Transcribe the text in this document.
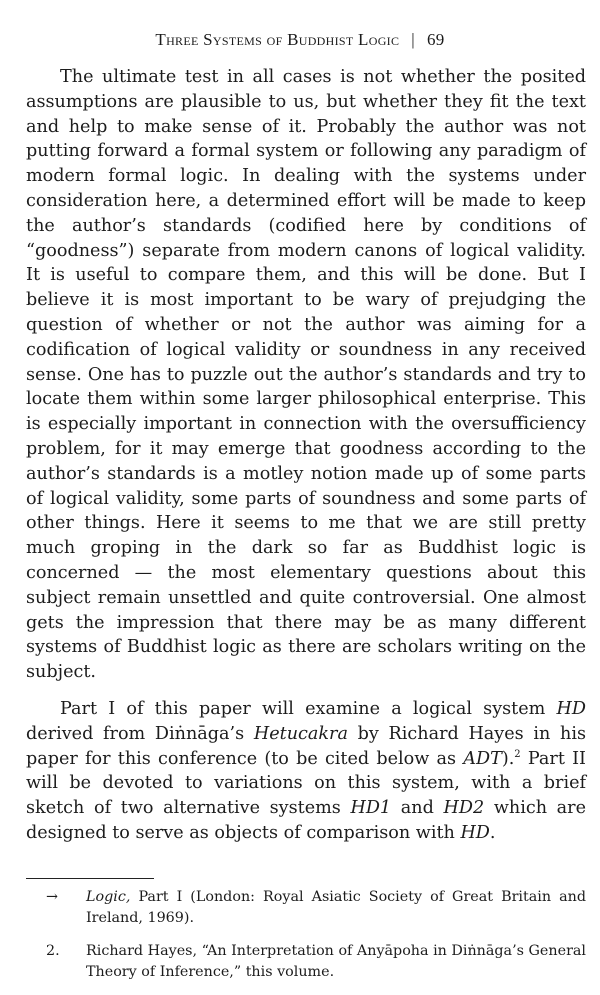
Three Systems of Buddhist Logic | 69

The ultimate test in all cases is not whether the posited assumptions are plausible to us, but whether they fit the text and help to make sense of it. Probably the author was not putting forward a formal system or following any paradigm of modern formal logic. In dealing with the systems under consideration here, a determined effort will be made to keep the author’s standards (codified here by conditions of “goodness”) separate from modern canons of logical validity. It is useful to compare them, and this will be done. But I believe it is most important to be wary of prejudging the question of whether or not the author was aiming for a codification of logical validity or soundness in any received sense. One has to puzzle out the author’s standards and try to locate them within some larger philosophical enterprise. This is especially important in connection with the oversufficiency problem, for it may emerge that goodness according to the author’s standards is a motley notion made up of some parts of logical validity, some parts of soundness and some parts of other things. Here it seems to me that we are still pretty much groping in the dark so far as Buddhist logic is concerned — the most elementary questions about this subject remain unsettled and quite controversial. One almost gets the impression that there may be as many different systems of Buddhist logic as there are scholars writing on the subject.

Part I of this paper will examine a logical system HD derived from Diṅnāga’s Hetucakra by Richard Hayes in his paper for this conference (to be cited below as ADT).$^2$ Part II will be devoted to variations on this system, with a brief sketch of two alternative systems HD1 and HD2 which are designed to serve as objects of comparison with HD.

→	Logic, Part I (London: Royal Asiatic Society of Great Britain and Ireland, 1969).
2.	Richard Hayes, “An Interpretation of Anyāpoha in Diṅnāga’s General Theory of Inference,” this volume.
